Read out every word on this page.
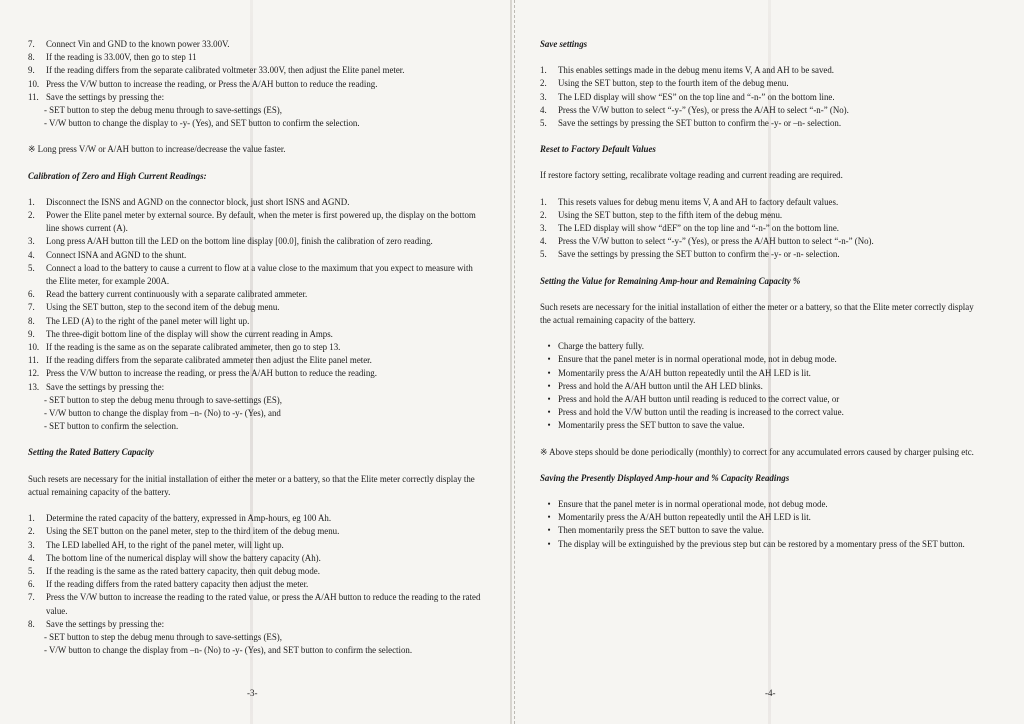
7.	Connect Vin and GND to the known power 33.00V.
8.	If the reading is 33.00V, then go to step 11
9.	If the reading differs from the separate calibrated voltmeter 33.00V, then adjust the Elite panel meter.
10. Press the V/W button to increase the reading, or Press the A/AH button to reduce the reading.
11. Save the settings by pressing the:
- SET button to step the debug menu through to save-settings (ES),
- V/W button to change the display to -y- (Yes), and SET button to confirm the selection.

※ Long press V/W or A/AH button to increase/decrease the value faster.

Calibration of Zero and High Current Readings:

1.	Disconnect the ISNS and AGND on the connector block, just short ISNS and AGND.
2.	Power the Elite panel meter by external source. By default, when the meter is first powered up, the display on the bottom line shows current (A).
3.	Long press A/AH button till the LED on the bottom line display [00.0], finish the calibration of zero reading.
4.	Connect ISNA and AGND to the shunt.
5.	Connect a load to the battery to cause a current to flow at a value close to the maximum that you expect to measure with the Elite meter, for example 200A.
6.	Read the battery current continuously with a separate calibrated ammeter.
7.	Using the SET button, step to the second item of the debug menu.
8.	The LED (A) to the right of the panel meter will light up.
9.	The three-digit bottom line of the display will show the current reading in Amps.
10. If the reading is the same as on the separate calibrated ammeter, then go to step 13.
11. If the reading differs from the separate calibrated ammeter then adjust the Elite panel meter.
12. Press the V/W button to increase the reading, or press the A/AH button to reduce the reading.
13. Save the settings by pressing the:
- SET button to step the debug menu through to save-settings (ES),
- V/W button to change the display from –n- (No) to -y- (Yes), and
- SET button to confirm the selection.

Setting the Rated Battery Capacity

Such resets are necessary for the initial installation of either the meter or a battery, so that the Elite meter correctly display the actual remaining capacity of the battery.

1.	Determine the rated capacity of the battery, expressed in Amp-hours, eg 100 Ah.
2.	Using the SET button on the panel meter, step to the third item of the debug menu.
3.	The LED labelled AH, to the right of the panel meter, will light up.
4.	The bottom line of the numerical display will show the battery capacity (Ah).
5.	If the reading is the same as the rated battery capacity, then quit debug mode.
6.	If the reading differs from the rated battery capacity then adjust the meter.
7.	Press the V/W button to increase the reading to the rated value, or press the A/AH button to reduce the reading to the rated value.
8.	Save the settings by pressing the:
- SET button to step the debug menu through to save-settings (ES),
- V/W button to change the display from –n- (No) to -y- (Yes), and SET button to confirm the selection.
-3-

Save settings

1.	This enables settings made in the debug menu items V, A and AH to be saved.
2.	Using the SET button, step to the fourth item of the debug menu.
3.	The LED display will show “ES” on the top line and “-n-” on the bottom line.
4.	Press the V/W button to select “-y-” (Yes), or press the A/AH to select “-n-” (No).
5.	Save the settings by pressing the SET button to confirm the -y- or –n- selection.

Reset to Factory Default Values

If restore factory setting, recalibrate voltage reading and current reading are required.

1.	This resets values for debug menu items V, A and AH to factory default values.
2.	Using the SET button, step to the fifth item of the debug menu.
3.	The LED display will show “dEF” on the top line and “-n-” on the bottom line.
4.	Press the V/W button to select “-y-” (Yes), or press the A/AH button to select “-n-” (No).
5.	Save the settings by pressing the SET button to confirm the -y- or -n- selection.

Setting the Value for Remaining Amp-hour and Remaining Capacity %

Such resets are necessary for the initial installation of either the meter or a battery, so that the Elite meter correctly display the actual remaining capacity of the battery.

• Charge the battery fully.
• Ensure that the panel meter is in normal operational mode, not in debug mode.
• Momentarily press the A/AH button repeatedly until the AH LED is lit.
• Press and hold the A/AH button until the AH LED blinks.
• Press and hold the A/AH button until reading is reduced to the correct value, or
• Press and hold the V/W button until the reading is increased to the correct value.
• Momentarily press the SET button to save the value.

※ Above steps should be done periodically (monthly) to correct for any accumulated errors caused by charger pulsing etc.

Saving the Presently Displayed Amp-hour and % Capacity Readings

• Ensure that the panel meter is in normal operational mode, not debug mode.
• Momentarily press the A/AH button repeatedly until the AH LED is lit.
• Then momentarily press the SET button to save the value.
• The display will be extinguished by the previous step but can be restored by a momentary press of the SET button.
-4-
